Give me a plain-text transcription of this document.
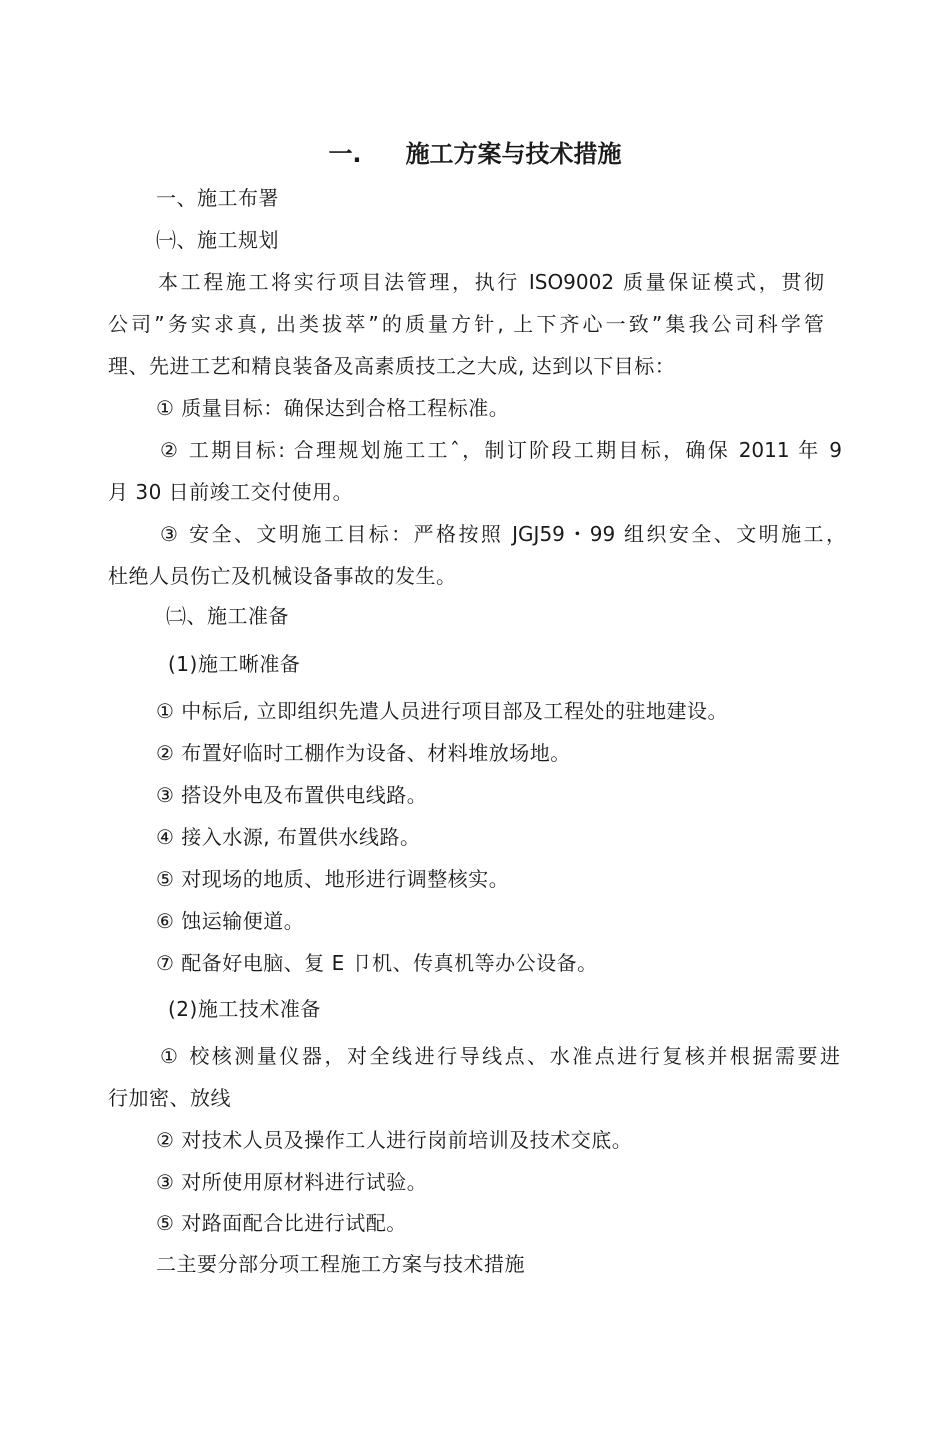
一. 施工方案与技术措施
一、施工布署
㈠、施工规划
本工程施工将实行项目法管理，执行 ISO9002 质量保证模式，贯彻
公司”务实求真, 出类拔萃”的质量方针, 上下齐心一致”集我公司科学管
理、先进工艺和精良装备及高素质技工之大成, 达到以下目标：
① 质量目标：确保达到合格工程标准。
② 工期目标: 合理规划施工工ˆ，制订阶段工期目标，确保 2011 年 9
月 30 日前竣工交付使用。
③ 安全、文明施工目标：严格按照 JGJ59・99 组织安全、文明施工，
杜绝人员伤亡及机械设备事故的发生。
㈡、施工准备
(1)施工晰准备
① 中标后, 立即组织先遣人员进行项目部及工程处的驻地建设。
② 布置好临时工棚作为设备、材料堆放场地。
③ 搭设外电及布置供电线路。
④ 接入水源, 布置供水线路。
⑤ 对现场的地质、地形进行调整核实。
⑥ 蚀运输便道。
⑦ 配备好电脑、复 E 卩机、传真机等办公设备。
(2)施工技术准备
① 校核测量仪器，对全线进行导线点、水准点进行复核并根据需要进
行加密、放线
② 对技术人员及操作工人进行岗前培训及技术交底。
③ 对所使用原材料进行试验。
⑤ 对路面配合比进行试配。
二主要分部分项工程施工方案与技术措施
